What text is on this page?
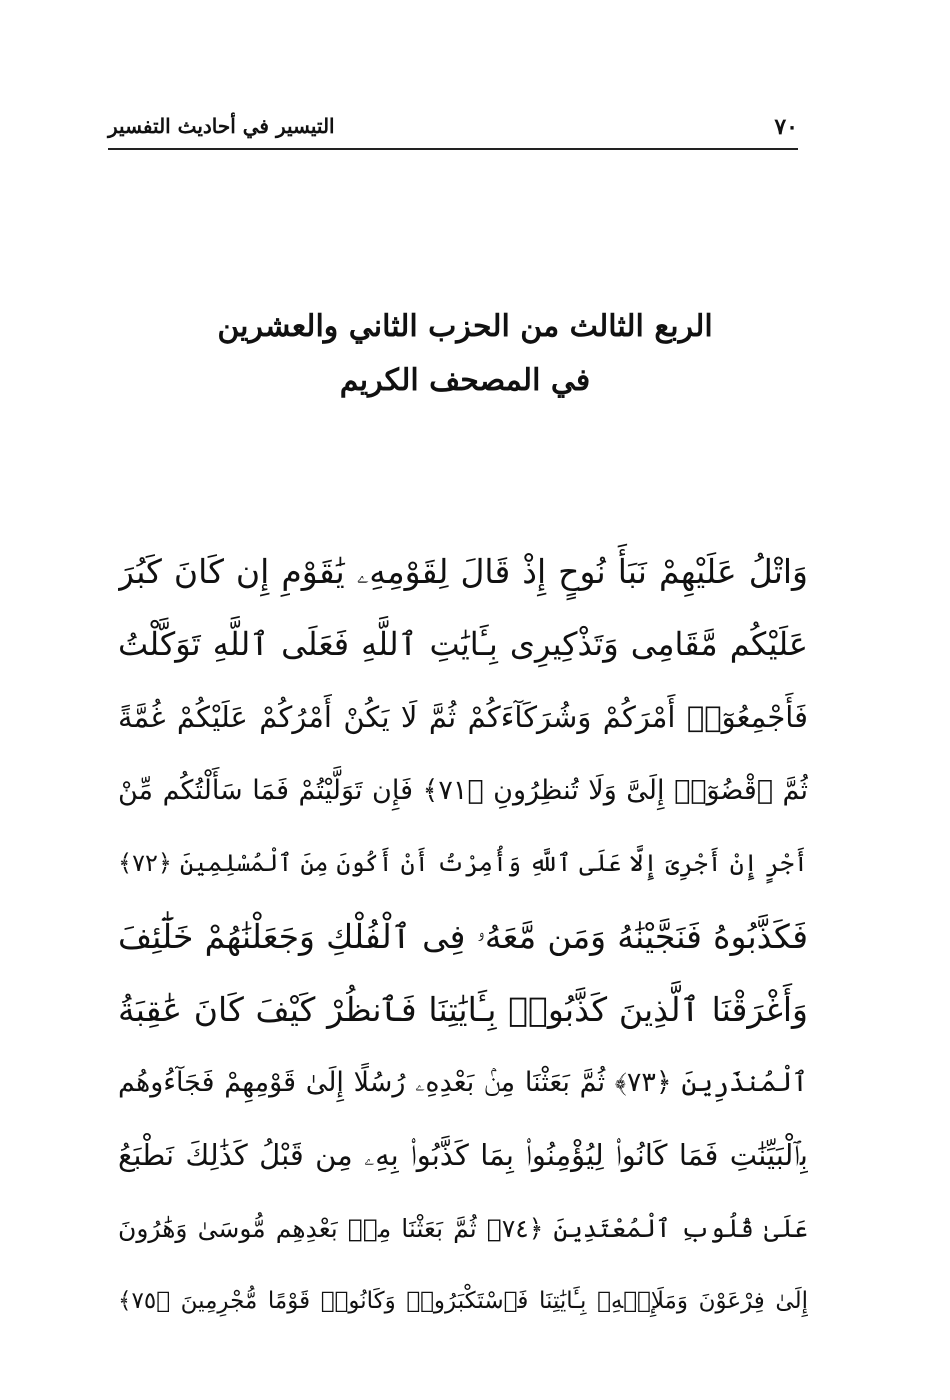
٧٠
التيسير في أحاديث التفسير
الربع الثالث من الحزب الثاني والعشرين
في المصحف الكريم
وَاتْلُ عَلَيْهِمْ نَبَأَ نُوحٍ إِذْ قَالَ لِقَوْمِهِۦ يَٰقَوْمِ إِن كَانَ كَبُرَ
عَلَيْكُم مَّقَامِى وَتَذْكِيرِى بِـَٔايَٰتِ ٱللَّهِ فَعَلَى ٱللَّهِ تَوَكَّلْتُ
فَأَجْمِعُوٓا۟ أَمْرَكُمْ وَشُرَكَآءَكُمْ ثُمَّ لَا يَكُنْ أَمْرُكُمْ عَلَيْكُمْ غُمَّةً
ثُمَّ ٱقْضُوٓا۟ إِلَىَّ وَلَا تُنظِرُونِ ﴿٧١﴾ فَإِن تَوَلَّيْتُمْ فَمَا سَأَلْتُكُم مِّنْ
أَجْرٍ إِنْ أَجْرِىَ إِلَّا عَلَى ٱللَّهِ وَأُمِرْتُ أَنْ أَكُونَ مِنَ ٱلْمُسْلِمِينَ ﴿٧٢﴾
فَكَذَّبُوهُ فَنَجَّيْنَٰهُ وَمَن مَّعَهُۥ فِى ٱلْفُلْكِ وَجَعَلْنَٰهُمْ خَلَٰٓئِفَ
وَأَغْرَقْنَا ٱلَّذِينَ كَذَّبُوا۟ بِـَٔايَٰتِنَا فَٱنظُرْ كَيْفَ كَانَ عَٰقِبَةُ
ٱلْمُنذَرِينَ ﴿٧٣﴾ ثُمَّ بَعَثْنَا مِنۢ بَعْدِهِۦ رُسُلًا إِلَىٰ قَوْمِهِمْ فَجَآءُوهُم
بِٱلْبَيِّنَٰتِ فَمَا كَانُوا۟ لِيُؤْمِنُوا۟ بِمَا كَذَّبُوا۟ بِهِۦ مِن قَبْلُ كَذَٰلِكَ نَطْبَعُ
عَلَىٰ قُلُوبِ ٱلْمُعْتَدِينَ ﴿٧٤﴾ ثُمَّ بَعَثْنَا مِنۢ بَعْدِهِم مُّوسَىٰ وَهَٰرُونَ
إِلَىٰ فِرْعَوْنَ وَمَلَإِي۟هِۦ بِـَٔايَٰتِنَا فَٱسْتَكْبَرُوا۟ وَكَانُوا۟ قَوْمًا مُّجْرِمِينَ ﴿٧٥﴾
